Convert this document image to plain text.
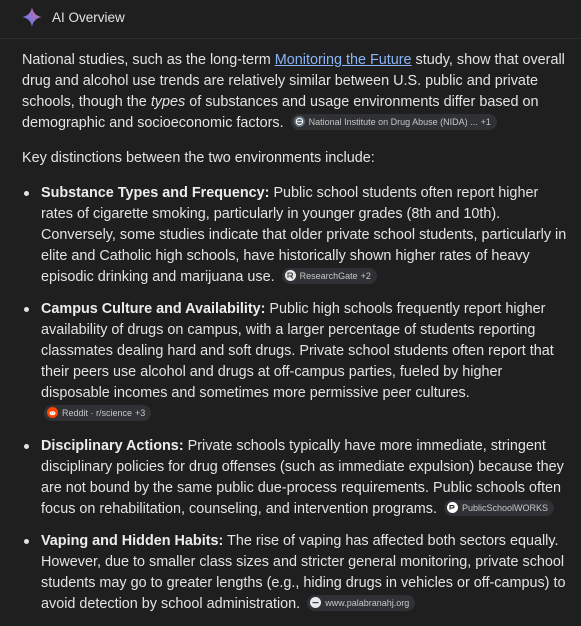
AI Overview

National studies, such as the long-term Monitoring the Future study, show that overall drug and alcohol use trends are relatively similar between U.S. public and private schools, though the types of substances and usage environments differ based on demographic and socioeconomic factors.	National Institute on Drug Abuse (NIDA) ... +1

Key distinctions between the two environments include:

Substance Types and Frequency: Public school students often report higher rates of cigarette smoking, particularly in younger grades (8th and 10th). Conversely, some studies indicate that older private school students, particularly in elite and Catholic high schools, have historically shown higher rates of heavy episodic drinking and marijuana use.	ResearchGate +2
Campus Culture and Availability: Public high schools frequently report higher availability of drugs on campus, with a larger percentage of students reporting classmates dealing hard and soft drugs. Private school students often report that their peers use alcohol and drugs at off-campus parties, fueled by higher disposable incomes and sometimes more permissive peer cultures.
Reddit · r/science +3
Disciplinary Actions: Private schools typically have more immediate, stringent disciplinary policies for drug offenses (such as immediate expulsion) because they are not bound by the same public due-process requirements. Public schools often focus on rehabilitation, counseling, and intervention programs.	PublicSchoolWORKS
Vaping and Hidden Habits: The rise of vaping has affected both sectors equally. However, due to smaller class sizes and stricter general monitoring, private school students may go to greater lengths (e.g., hiding drugs in vehicles or off-campus) to avoid detection by school administration.	www.palabranahj.org
